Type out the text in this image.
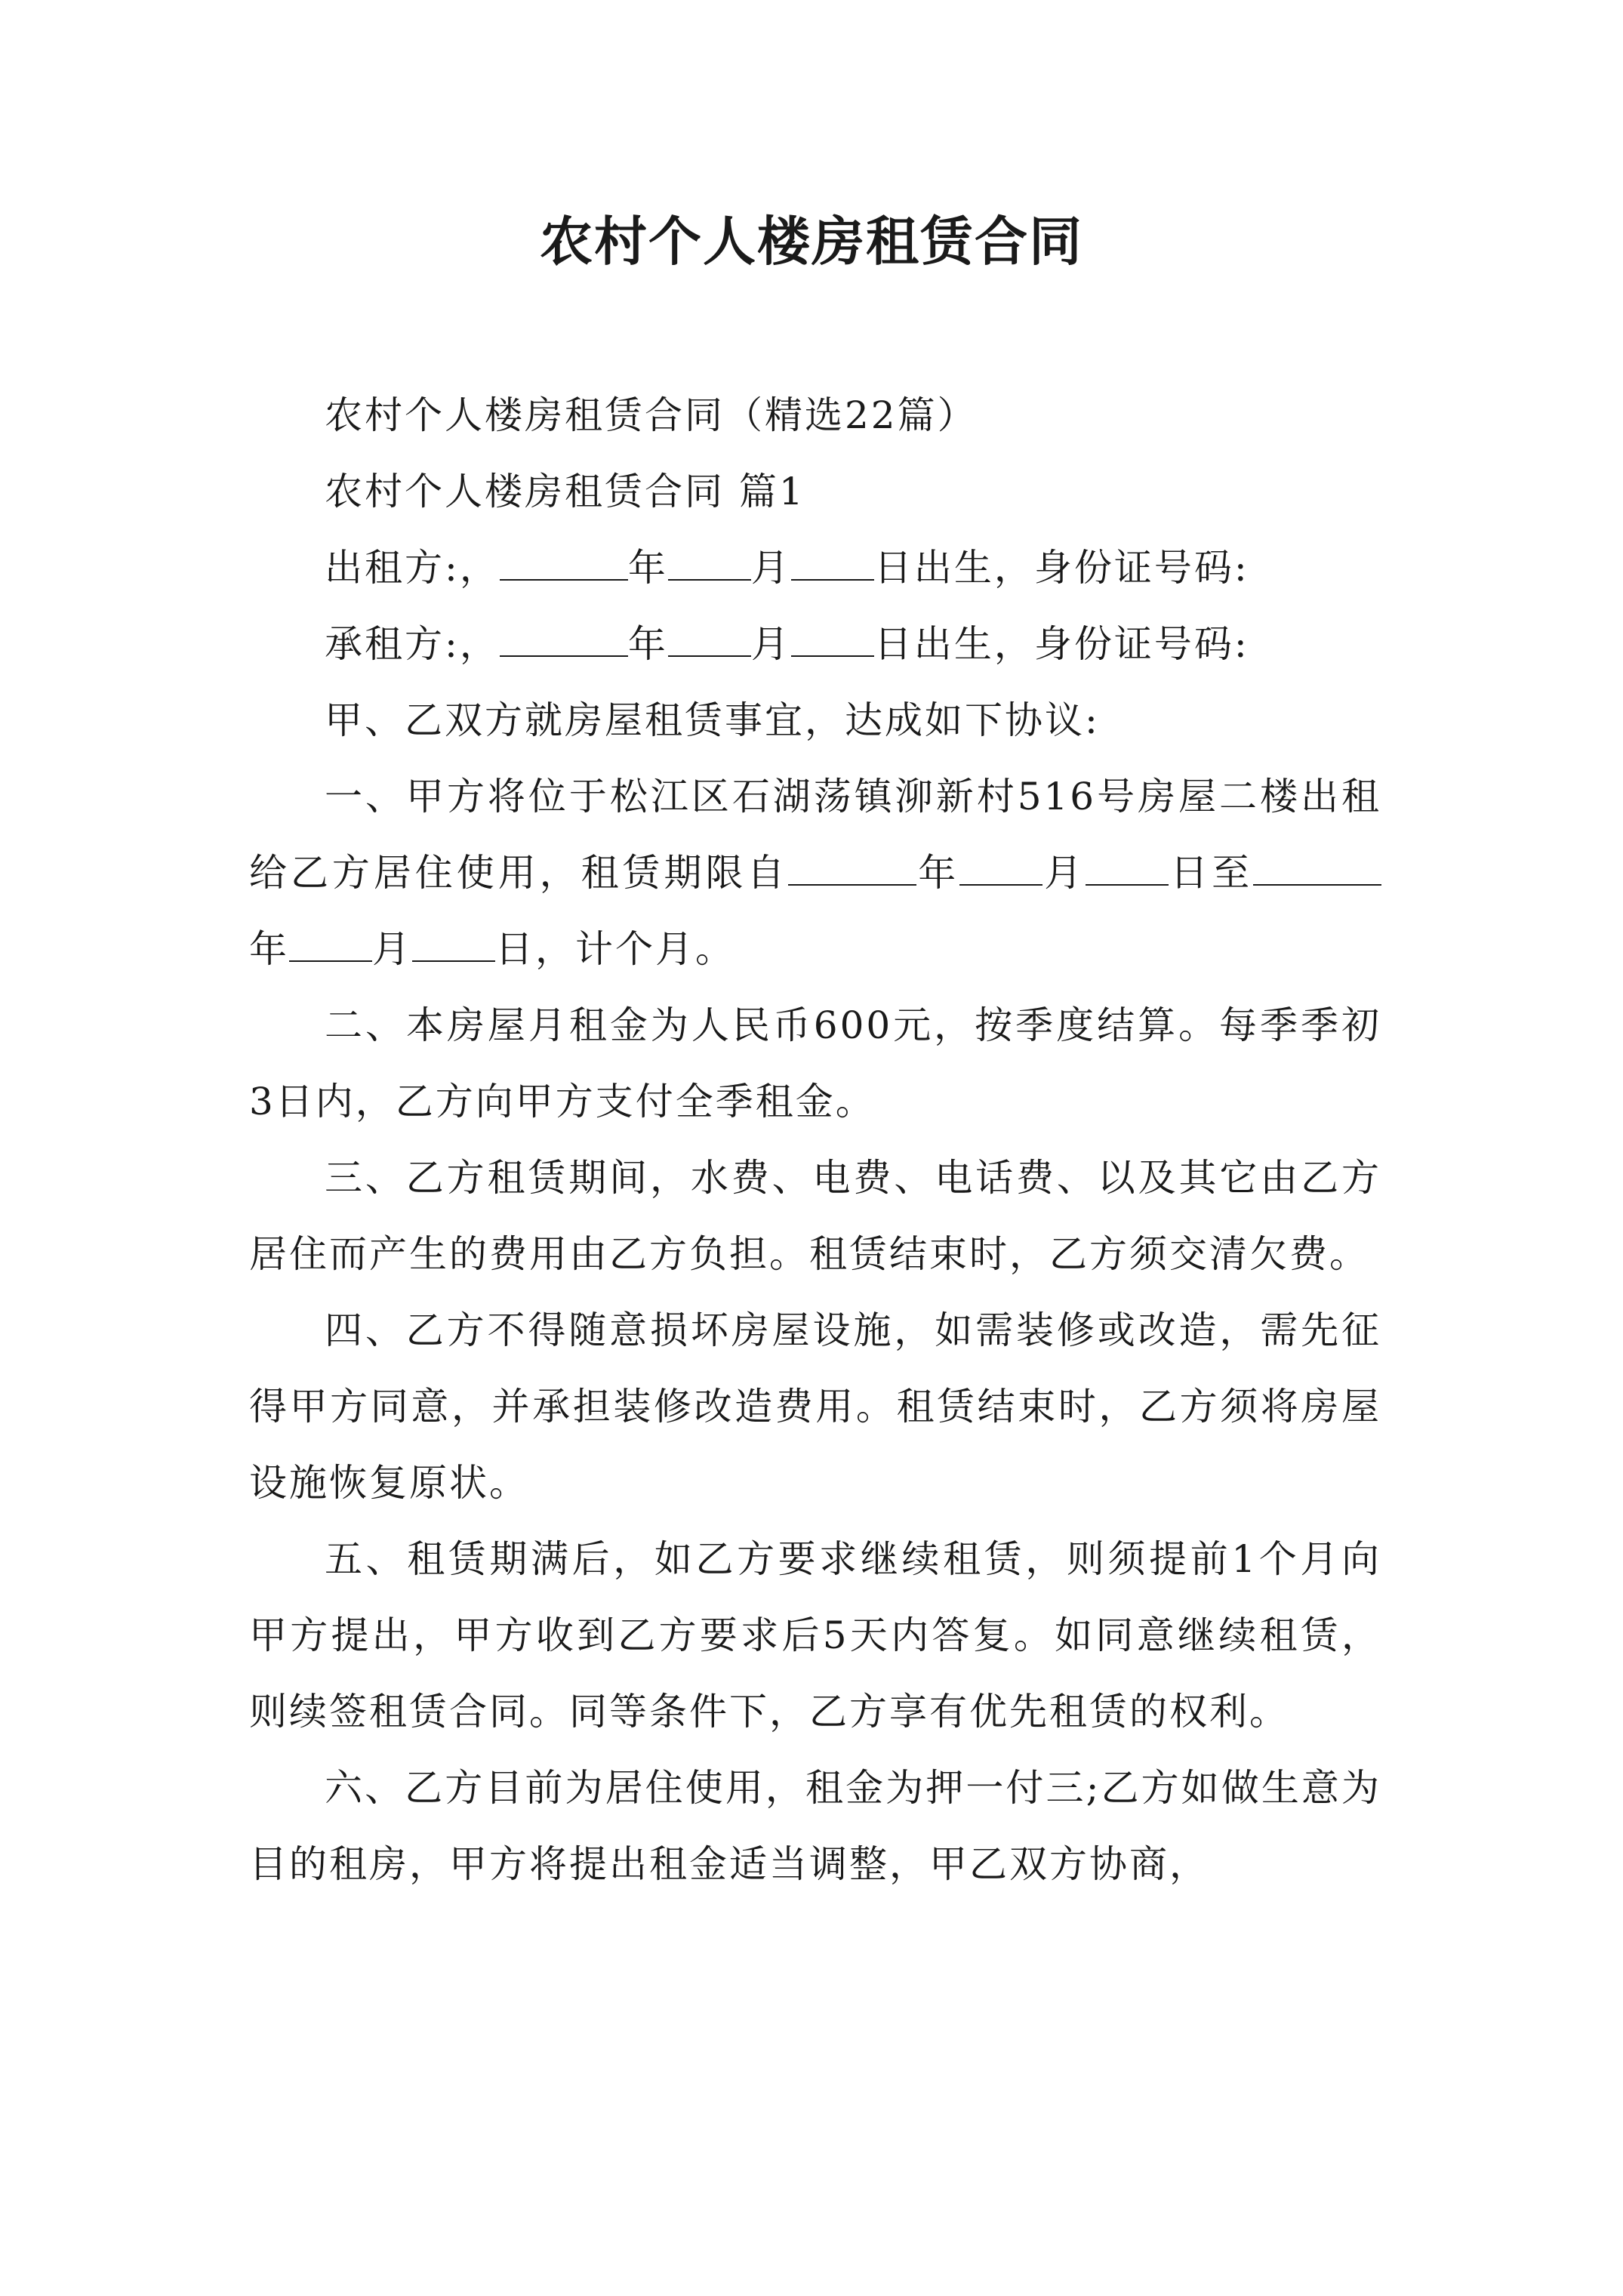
农村个人楼房租赁合同

农村个人楼房租赁合同（精选22篇）

农村个人楼房租赁合同 篇1

出租方:，	年 月 日出生，身份证号码:

承租方:，	年 月 日出生，身份证号码:

甲、乙双方就房屋租赁事宜，达成如下协议:

一、甲方将位于松江区石湖荡镇泖新村516号房屋二楼出租给乙方居住使用，租赁期限自	年 月 日至年 月 日，计个月。

二、本房屋月租金为人民币600元，按季度结算。每季季初3日内，乙方向甲方支付全季租金。

三、乙方租赁期间，水费、电费、电话费、以及其它由乙方居住而产生的费用由乙方负担。租赁结束时，乙方须交清欠费。

四、乙方不得随意损坏房屋设施，如需装修或改造，需先征得甲方同意，并承担装修改造费用。租赁结束时，乙方须将房屋设施恢复原状。

五、租赁期满后，如乙方要求继续租赁，则须提前1个月向甲方提出，甲方收到乙方要求后5天内答复。如同意继续租赁，则续签租赁合同。同等条件下，乙方享有优先租赁的权利。

六、乙方目前为居住使用，租金为押一付三;乙方如做生意为目的租房，甲方将提出租金适当调整，甲乙双方协商，
